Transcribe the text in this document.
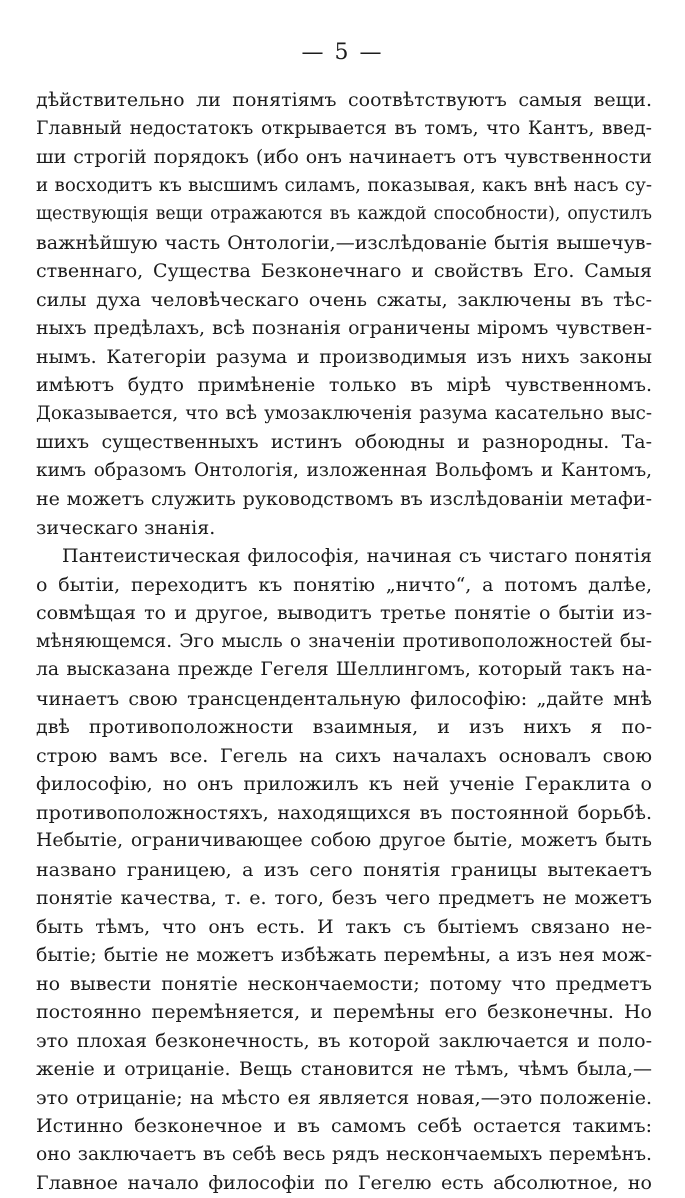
— 5 —
дѣйствительно ли понятіямъ соотвѣтствуютъ самыя вещи.
Главный недостатокъ открывается въ томъ, что Кантъ, введ-
ши строгій порядокъ (ибо онъ начинаетъ отъ чувственности
и восходитъ къ высшимъ силамъ, показывая, какъ внѣ насъ су-
ществующія вещи отражаются въ каждой способности), опустилъ
важнѣйшую часть Онтологіи,—изслѣдованіе бытія вышечув-
ственнаго, Существа Безконечнаго и свойствъ Его. Самыя
силы духа человѣческаго очень сжаты, заключены въ тѣс-
ныхъ предѣлахъ, всѣ познанія ограничены міромъ чувствен-
нымъ. Категоріи разума и производимыя изъ нихъ законы
имѣютъ будто примѣненіе только въ мірѣ чувственномъ.
Доказывается, что всѣ умозаключенія разума касательно выс-
шихъ существенныхъ истинъ обоюдны и разнородны. Та-
кимъ образомъ Онтологія, изложенная Вольфомъ и Кантомъ,
не можетъ служить руководствомъ въ изслѣдованіи метафи-
зическаго знанія.
Пантеистическая философія, начиная съ чистаго понятія
о бытіи, переходитъ къ понятію „ничто“, а потомъ далѣе,
совмѣщая то и другое, выводитъ третье понятіе о бытіи из-
мѣняющемся. Эго мысль о значеніи противоположностей бы-
ла высказана прежде Гегеля Шеллингомъ, который такъ на-
чинаетъ свою трансцендентальную философію: „дайте мнѣ
двѣ противоположности взаимныя, и изъ нихъ я по-
строю вамъ все. Гегель на сихъ началахъ основалъ свою
философію, но онъ приложилъ къ ней ученіе Гераклита о
противоположностяхъ, находящихся въ постоянной борьбѣ.
Небытіе, ограничивающее собою другое бытіе, можетъ быть
названо границею, а изъ сего понятія границы вытекаетъ
понятіе качества, т. е. того, безъ чего предметъ не можетъ
быть тѣмъ, что онъ есть. И такъ съ бытіемъ связано не-
бытіе; бытіе не можетъ избѣжать перемѣны, а изъ нея мож-
но вывести понятіе нескончаемости; потому что предметъ
постоянно перемѣняется, и перемѣны его безконечны. Но
это плохая безконечность, въ которой заключается и поло-
женіе и отрицаніе. Вещь становится не тѣмъ, чѣмъ была,—
это отрицаніе; на мѣсто ея является новая,—это положеніе.
Истинно безконечное и въ самомъ себѣ остается такимъ:
оно заключаетъ въ себѣ весь рядъ нескончаемыхъ перемѣнъ.
Главное начало философіи по Гегелю есть абсолютное, но
